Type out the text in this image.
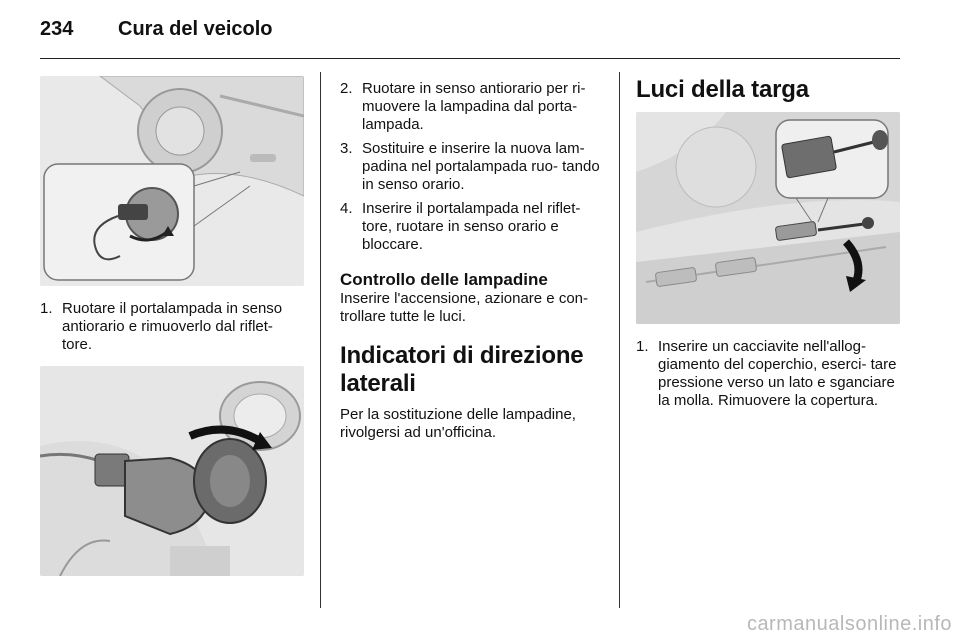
234	Cura del veicolo
1. Ruotare il portalampada in senso antiorario e rimuoverlo dal riflet- tore.
2. Ruotare in senso antiorario per ri- muovere la lampadina dal porta- lampada.
3. Sostituire e inserire la nuova lam- padina nel portalampada ruo- tando in senso orario.
4. Inserire il portalampada nel riflet- tore, ruotare in senso orario e bloccare.
Controllo delle lampadine
Inserire l'accensione, azionare e con- trollare tutte le luci.
Indicatori di direzione laterali
Per la sostituzione delle lampadine, rivolgersi ad un'officina.
Luci della targa
1. Inserire un cacciavite nell'allog- giamento del coperchio, eserci- tare pressione verso un lato e sganciare la molla. Rimuovere la copertura.
carmanualsonline.info
